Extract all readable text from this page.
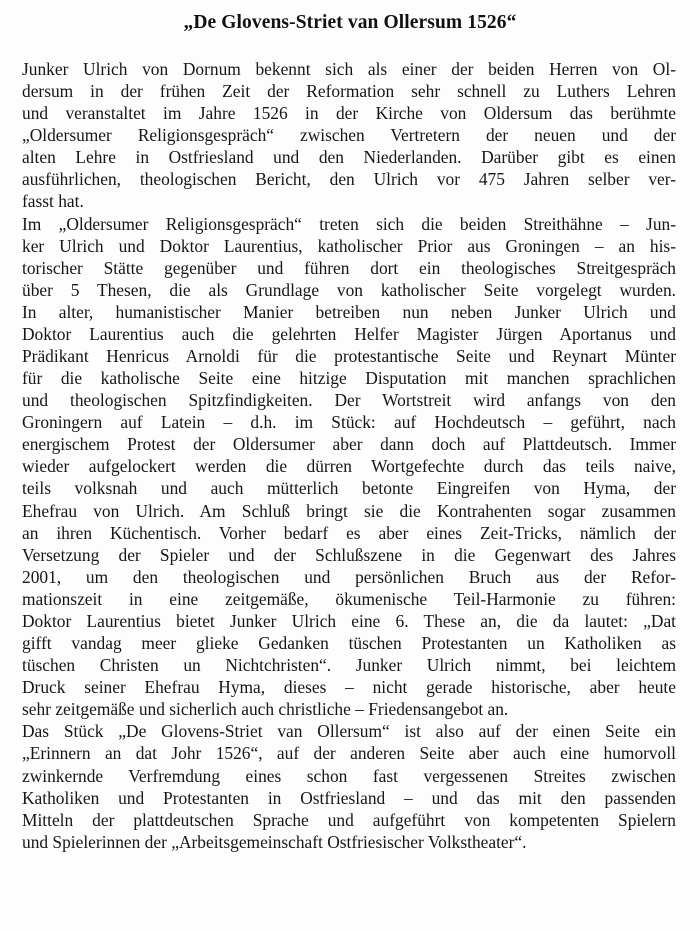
„De Glovens-Striet van Ollersum 1526“
Junker Ulrich von Dornum bekennt sich als einer der beiden Herren von Ol-
dersum in der frühen Zeit der Reformation sehr schnell zu Luthers Lehren
und veranstaltet im Jahre 1526 in der Kirche von Oldersum das berühmte
„Oldersumer Religionsgespräch“ zwischen Vertretern der neuen und der
alten Lehre in Ostfriesland und den Niederlanden. Darüber gibt es einen
ausführlichen, theologischen Bericht, den Ulrich vor 475 Jahren selber ver-
fasst hat.
Im „Oldersumer Religionsgespräch“ treten sich die beiden Streithähne – Jun-
ker Ulrich und Doktor Laurentius, katholischer Prior aus Groningen – an his-
torischer Stätte gegenüber und führen dort ein theologisches Streitgespräch
über 5 Thesen, die als Grundlage von katholischer Seite vorgelegt wurden.
In alter, humanistischer Manier betreiben nun neben Junker Ulrich und
Doktor Laurentius auch die gelehrten Helfer Magister Jürgen Aportanus und
Prädikant Henricus Arnoldi für die protestantische Seite und Reynart Münter
für die katholische Seite eine hitzige Disputation mit manchen sprachlichen
und theologischen Spitzfindigkeiten. Der Wortstreit wird anfangs von den
Groningern auf Latein – d.h. im Stück: auf Hochdeutsch – geführt, nach
energischem Protest der Oldersumer aber dann doch auf Plattdeutsch. Immer
wieder aufgelockert werden die dürren Wortgefechte durch das teils naive,
teils volksnah und auch mütterlich betonte Eingreifen von Hyma, der
Ehefrau von Ulrich. Am Schluß bringt sie die Kontrahenten sogar zusammen
an ihren Küchentisch. Vorher bedarf es aber eines Zeit-Tricks, nämlich der
Versetzung der Spieler und der Schlußszene in die Gegenwart des Jahres
2001, um den theologischen und persönlichen Bruch aus der Refor-
mationszeit in eine zeitgemäße, ökumenische Teil-Harmonie zu führen:
Doktor Laurentius bietet Junker Ulrich eine 6. These an, die da lautet: „Dat
gifft vandag meer glieke Gedanken tüschen Protestanten un Katholiken as
tüschen Christen un Nichtchristen“. Junker Ulrich nimmt, bei leichtem
Druck seiner Ehefrau Hyma, dieses – nicht gerade historische, aber heute
sehr zeitgemäße und sicherlich auch christliche – Friedensangebot an.
Das Stück „De Glovens-Striet van Ollersum“ ist also auf der einen Seite ein
„Erinnern an dat Johr 1526“, auf der anderen Seite aber auch eine humorvoll
zwinkernde Verfremdung eines schon fast vergessenen Streites zwischen
Katholiken und Protestanten in Ostfriesland – und das mit den passenden
Mitteln der plattdeutschen Sprache und aufgeführt von kompetenten Spielern
und Spielerinnen der „Arbeitsgemeinschaft Ostfriesischer Volkstheater“.
